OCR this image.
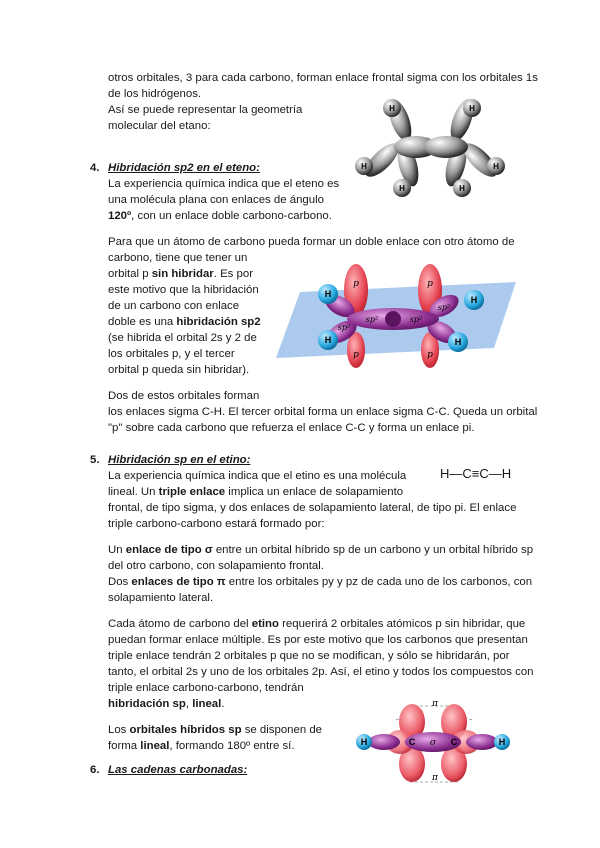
otros orbitales, 3 para cada carbono, forman enlace frontal sigma con los orbitales 1s
de los hidrógenos.
Así se puede representar la geometría
molecular del etano:
H	H
H
H	H
H
4. Hibridación sp2 en el eteno:
La experiencia química indica que el eteno es
una molécula plana con enlaces de ángulo
120º, con un enlace doble carbono-carbono.
Para que un átomo de carbono pueda formar un doble enlace con otro átomo de
carbono, tiene que tener un
orbital p sin hibridar. Es por
este motivo que la hibridación
de un carbono con enlace
doble es una hibridación sp2
(se hibrida el orbital 2s y 2 de
los orbitales p, y el tercer
orbital p queda sin hibridar).
Dos de estos orbitales forman
los enlaces sigma C-H. El tercer orbital forma un enlace sigma C-C. Queda un orbital
"p" sobre cada carbono que refuerza el enlace C-C y forma un enlace pi.
p	p
p	p
sp²
sp²	sp²
sp²
H
H
H
H
5. Hibridación sp en el etino:
H—C≡C—H
La experiencia química indica que el etino es una molécula
lineal. Un triple enlace implica un enlace de solapamiento
frontal, de tipo sigma, y dos enlaces de solapamiento lateral, de tipo pi. El enlace
triple carbono-carbono estará formado por:
Un enlace de tipo σ entre un orbital híbrido sp de un carbono y un orbital híbrido sp
del otro carbono, con solapamiento frontal.
Dos enlaces de tipo π entre los orbitales py y pz de cada uno de los carbonos, con
solapamiento lateral.
Cada átomo de carbono del etino requerirá 2 orbitales atómicos p sin hibridar, que
puedan formar enlace múltiple. Es por este motivo que los carbonos que presentan
triple enlace tendrán 2 orbitales p que no se modifican, y sólo se hibridarán, por
tanto, el orbital 2s y uno de los orbitales 2p. Así, el etino y todos los compuestos con
triple enlace carbono-carbono, tendrán
hibridación sp, lineal.
Los orbitales híbridos sp se disponen de
forma lineal, formando 180º entre sí.	H	H
C	C
σ
π
π
6. Las cadenas carbonadas:
